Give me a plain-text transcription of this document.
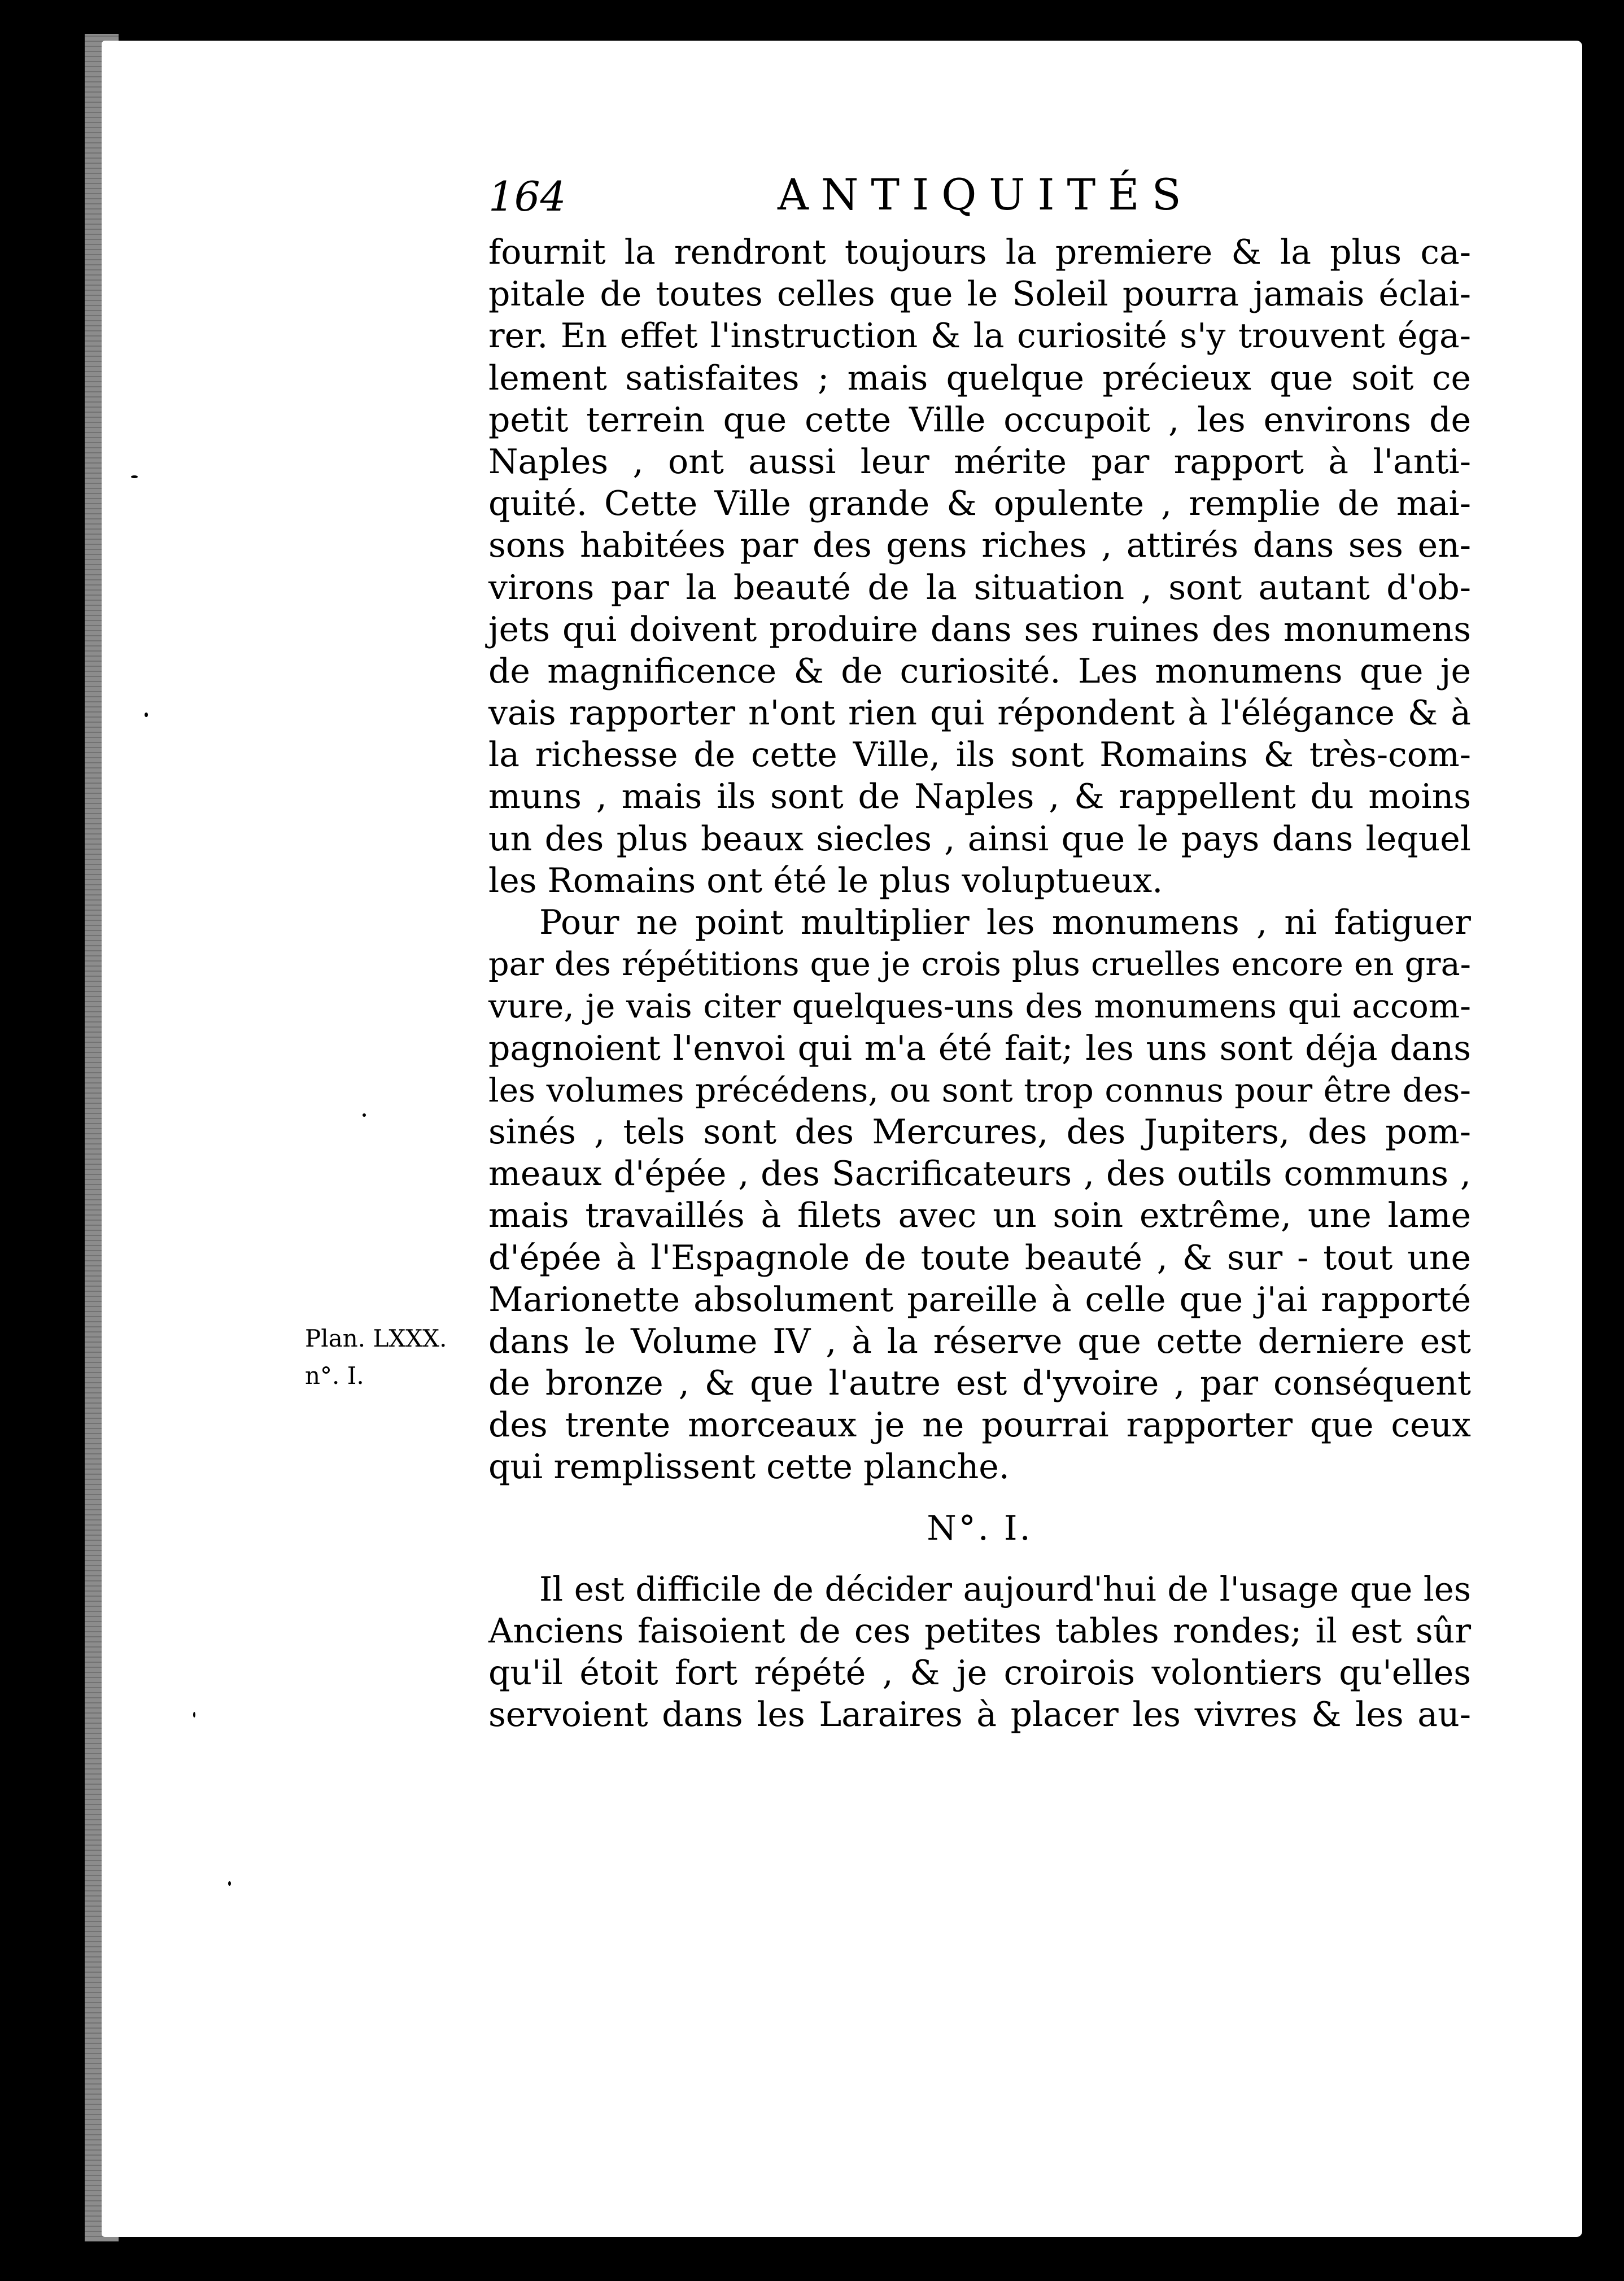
164	ANTIQUITÉS
Plan. LXXX.
n°. I.
fournit la rendront toujours la premiere & la plus ca-
pitale de toutes celles que le Soleil pourra jamais éclai-
rer. En effet l'instruction & la curiosité s'y trouvent éga-
lement satisfaites ; mais quelque précieux que soit ce
petit terrein que cette Ville occupoit , les environs de
Naples , ont aussi leur mérite par rapport à l'anti-
quité. Cette Ville grande & opulente , remplie de mai-
sons habitées par des gens riches , attirés dans ses en-
virons par la beauté de la situation , sont autant d'ob-
jets qui doivent produire dans ses ruines des monumens
de magnificence & de curiosité. Les monumens que je
vais rapporter n'ont rien qui répondent à l'élégance & à
la richesse de cette Ville, ils sont Romains & très-com-
muns , mais ils sont de Naples , & rappellent du moins
un des plus beaux siecles , ainsi que le pays dans lequel
les Romains ont été le plus voluptueux.
Pour ne point multiplier les monumens , ni fatiguer
par des répétitions que je crois plus cruelles encore en gra-
vure, je vais citer quelques-uns des monumens qui accom-
pagnoient l'envoi qui m'a été fait; les uns sont déja dans
les volumes précédens, ou sont trop connus pour être des-
sinés , tels sont des Mercures, des Jupiters, des pom-
meaux d'épée , des Sacrificateurs , des outils communs ,
mais travaillés à filets avec un soin extrême, une lame
d'épée à l'Espagnole de toute beauté , & sur - tout une
Marionette absolument pareille à celle que j'ai rapporté
dans le Volume IV , à la réserve que cette derniere est
de bronze , & que l'autre est d'yvoire , par conséquent
des trente morceaux je ne pourrai rapporter que ceux
qui remplissent cette planche.
N°. I.
Il est difficile de décider aujourd'hui de l'usage que les
Anciens faisoient de ces petites tables rondes; il est sûr
qu'il étoit fort répété , & je croirois volontiers qu'elles
servoient dans les Laraires à placer les vivres & les au-
